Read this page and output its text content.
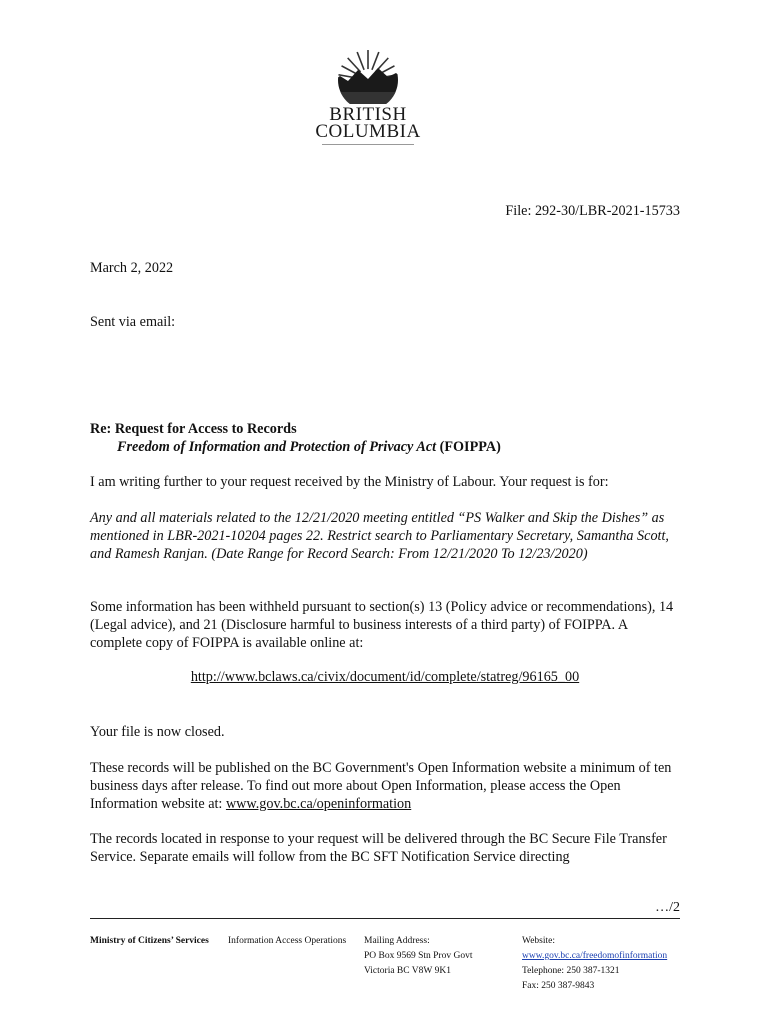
BRITISH
COLUMBIA
File: 292-30/LBR-2021-15733

March 2, 2022

Sent via email:

Re: Request for Access to Records
Freedom of Information and Protection of Privacy Act (FOIPPA)

I am writing further to your request received by the Ministry of Labour. Your request is for:

Any and all materials related to the 12/21/2020 meeting entitled “PS Walker and Skip the Dishes” as mentioned in LBR-2021-10204 pages 22. Restrict search to Parliamentary Secretary, Samantha Scott, and Ramesh Ranjan. (Date Range for Record Search: From 12/21/2020 To 12/23/2020)

Some information has been withheld pursuant to section(s) 13 (Policy advice or recommendations), 14 (Legal advice), and 21 (Disclosure harmful to business interests of a third party) of FOIPPA. A complete copy of FOIPPA is available online at:

http://www.bclaws.ca/civix/document/id/complete/statreg/96165_00

Your file is now closed.

These records will be published on the BC Government's Open Information website a minimum of ten business days after release. To find out more about Open Information, please access the Open Information website at: www.gov.bc.ca/openinformation

The records located in response to your request will be delivered through the BC Secure File Transfer Service. Separate emails will follow from the BC SFT Notification Service directing

…/2
Ministry of Citizens’ Services Information Access Operations Mailing Address:
PO Box 9569 Stn Prov Govt
Victoria BC V8W 9K1
Website:
www.gov.bc.ca/freedomofinformation
Telephone: 250 387-1321
Fax: 250 387-9843
